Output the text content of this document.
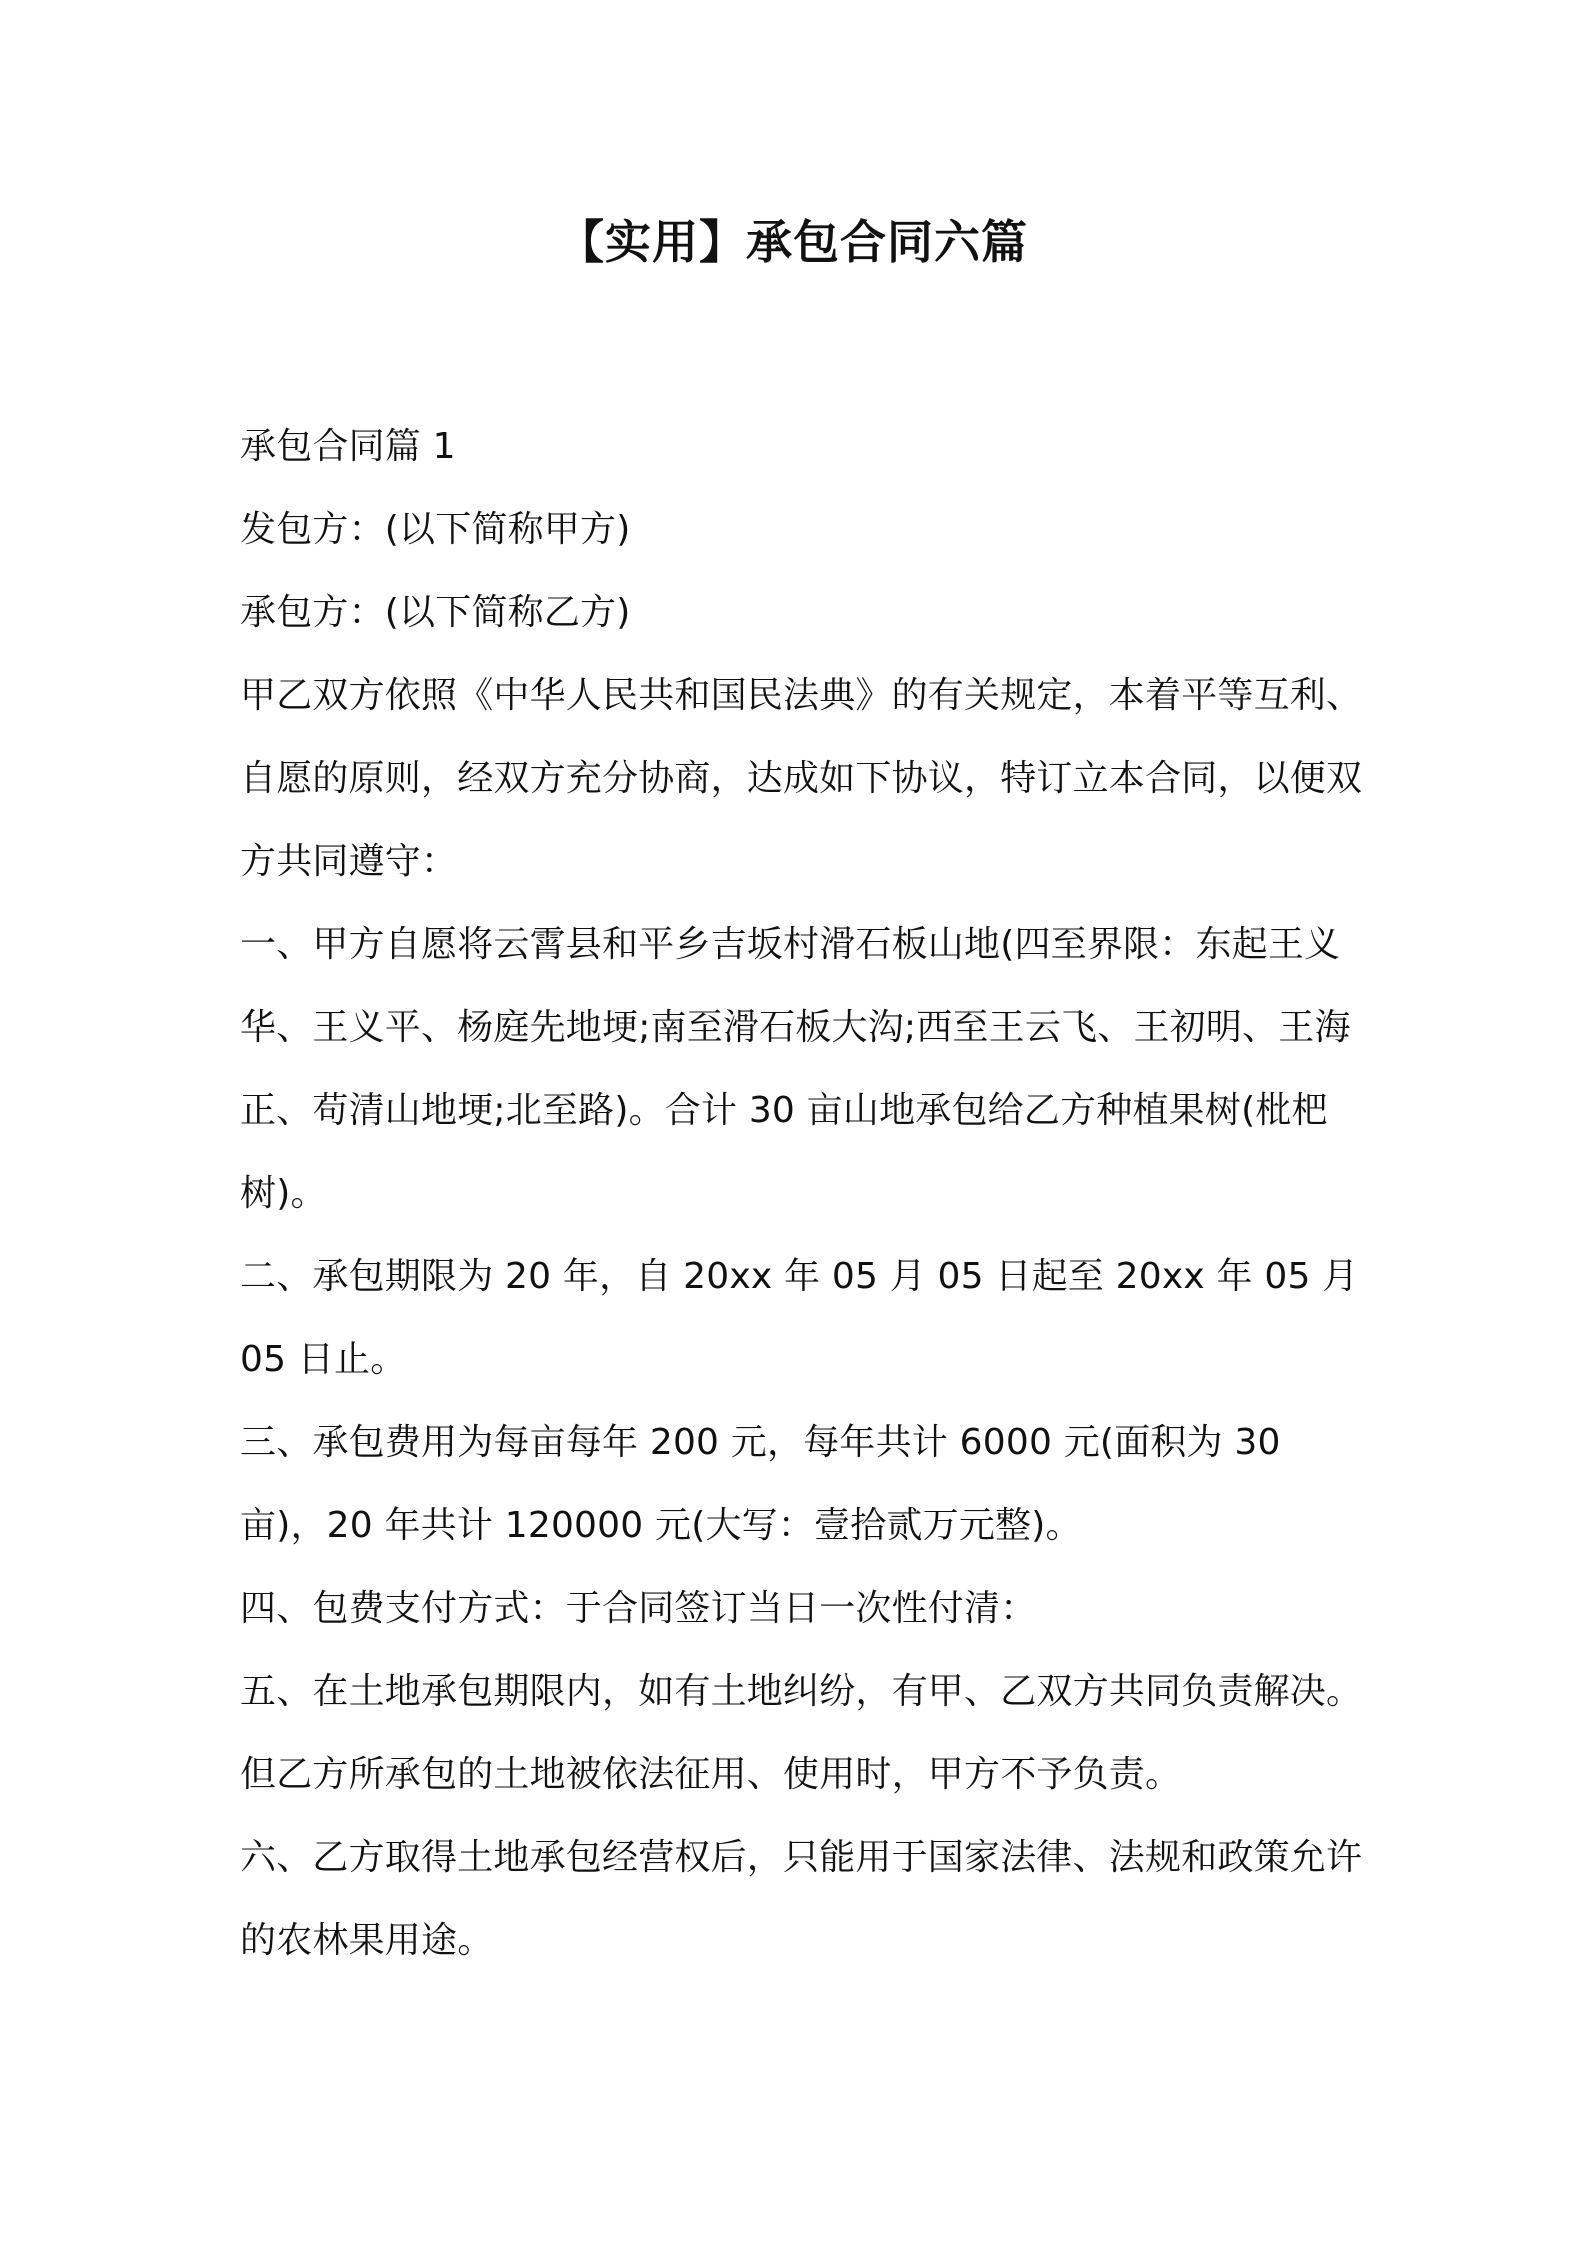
【实用】承包合同六篇

承包合同篇 1

发包方：(以下简称甲方)

承包方：(以下简称乙方)

甲乙双方依照《中华人民共和国民法典》的有关规定，本着平等互利、自愿的原则，经双方充分协商，达成如下协议，特订立本合同，以便双方共同遵守：

一、甲方自愿将云霄县和平乡吉坂村滑石板山地(四至界限：东起王义华、王义平、杨庭先地埂;南至滑石板大沟;西至王云飞、王初明、王海正、苟清山地埂;北至路)。合计 30 亩山地承包给乙方种植果树(枇杷树)。

二、承包期限为 20 年，自 20xx 年 05 月 05 日起至 20xx 年 05 月 05 日止。

三、承包费用为每亩每年 200 元，每年共计 6000 元(面积为 30 亩)，20 年共计 120000 元(大写：壹拾贰万元整)。

四、包费支付方式：于合同签订当日一次性付清：

五、在土地承包期限内，如有土地纠纷，有甲、乙双方共同负责解决。但乙方所承包的土地被依法征用、使用时，甲方不予负责。

六、乙方取得土地承包经营权后，只能用于国家法律、法规和政策允许的农林果用途。
